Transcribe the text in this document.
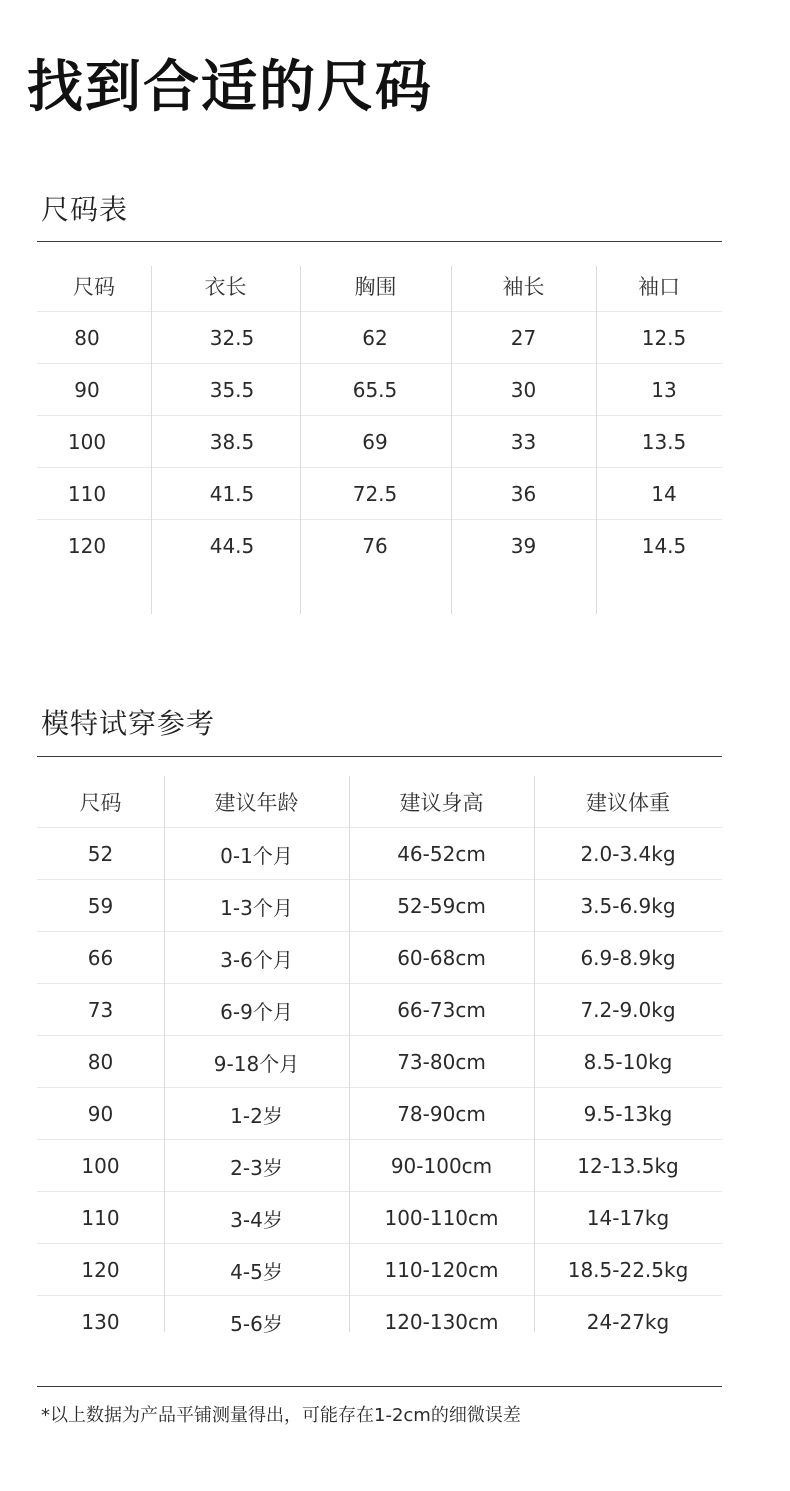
找到合适的尺码
尺码表
尺码	衣长	胸围	袖长	袖口
80	32.5	62	27	12.5
90	35.5	65.5	30	13
100	38.5	69	33	13.5
110	41.5	72.5	36	14
120	44.5	76	39	14.5
模特试穿参考
尺码	建议年龄	建议身高	建议体重
52	0-1个月	46-52cm	2.0-3.4kg
59	1-3个月	52-59cm	3.5-6.9kg
66	3-6个月	60-68cm	6.9-8.9kg
73	6-9个月	66-73cm	7.2-9.0kg
80	9-18个月	73-80cm	8.5-10kg
90	1-2岁	78-90cm	9.5-13kg
100	2-3岁	90-100cm	12-13.5kg
110	3-4岁	100-110cm	14-17kg
120	4-5岁	110-120cm	18.5-22.5kg
130	5-6岁	120-130cm	24-27kg
*以上数据为产品平铺测量得出，可能存在1-2cm的细微误差
